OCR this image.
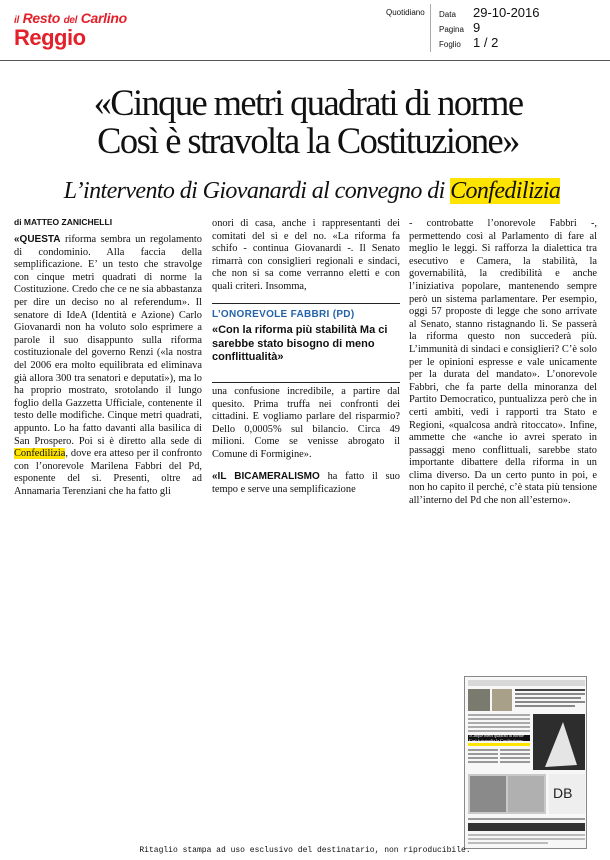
il Resto del Carlino
Reggio
Quotidiano	Data	29-10-2016
Pagina 9
Foglio 1 / 2
«Cinque metri quadrati di norme
Così è stravolta la Costituzione»
L’intervento di Giovanardi al convegno di Confedilizia
di MATTEO ZANICHELLI
«QUESTA riforma sembra un regolamento di condominio. Alla faccia della semplificazione. E’ un testo che stravolge con cinque metri quadrati di norme la Costituzione. Credo che ce ne sia abbastanza per dire un deciso no al referendum». Il senatore di IdeA (Identità e Azione) Carlo Giovanardi non ha voluto solo esprimere a parole il suo disappunto sulla riforma costituzionale del governo Renzi («la nostra del 2006 era molto equilibrata ed eliminava già allora 300 tra senatori e deputati»), ma lo ha proprio mostrato, srotolando il lungo foglio della Gazzetta Ufficiale, contenente il testo delle modifiche. Cinque metri quadrati, appunto. Lo ha fatto davanti alla basilica di San Prospero. Poi si è diretto alla sede di Confedilizia, dove era atteso per il confronto con l’onorevole Marilena Fabbri del Pd, esponente del sì. Presenti, oltre ad Annamaria Terenziani che ha fatto gli
onori di casa, anche i rappresentanti dei comitati del sì e del no. «La riforma fa schifo - continua Giovanardi -. Il Senato rimarrà con consiglieri regionali e sindaci, che non si sa come verranno eletti e con quali criteri. Insomma,
L’ONOREVOLE FABBRI (PD)
«Con la riforma più stabilità Ma ci sarebbe stato bisogno di meno conflittualità»
una confusione incredibile, a partire dal quesito. Prima truffa nei confronti dei cittadini. E vogliamo parlare del risparmio? Dello 0,0005% sul bilancio. Circa 49 milioni. Come se venisse abrogato il Comune di Formigine».
«IL BICAMERALISMO ha fatto il suo tempo e serve una semplificazione
- controbatte l’onorevole Fabbri -, permettendo così al Parlamento di fare al meglio le leggi. Si rafforza la dialettica tra esecutivo e Camera, la stabilità, la governabilità, la credibilità e anche l’iniziativa popolare, mantenendo sempre però un sistema parlamentare. Per esempio, oggi 57 proposte di legge che sono arrivate al Senato, stanno ristagnando lì. Se passerà la riforma questo non succederà più. L’immunità di sindaci e consiglieri? C’è solo per le opinioni espresse e vale unicamente per la durata del mandato». L’onorevole Fabbri, che fa parte della minoranza del Partito Democratico, puntualizza però che in certi ambiti, vedi i rapporti tra Stato e Regioni, «qualcosa andrà ritoccato». Infine, ammette che «anche io avrei sperato in passaggi meno conflittuali, sarebbe stato importante dibattere della riforma in un clima diverso. Da un certo punto in poi, e non ho capito il perché, c’è stata più tensione all’interno del Pd che non all’esterno».
«Cinque metri quadrati di norme Così è stravolta la Costituzione»
DB
Ritaglio stampa ad uso esclusivo del destinatario, non riproducibile.
